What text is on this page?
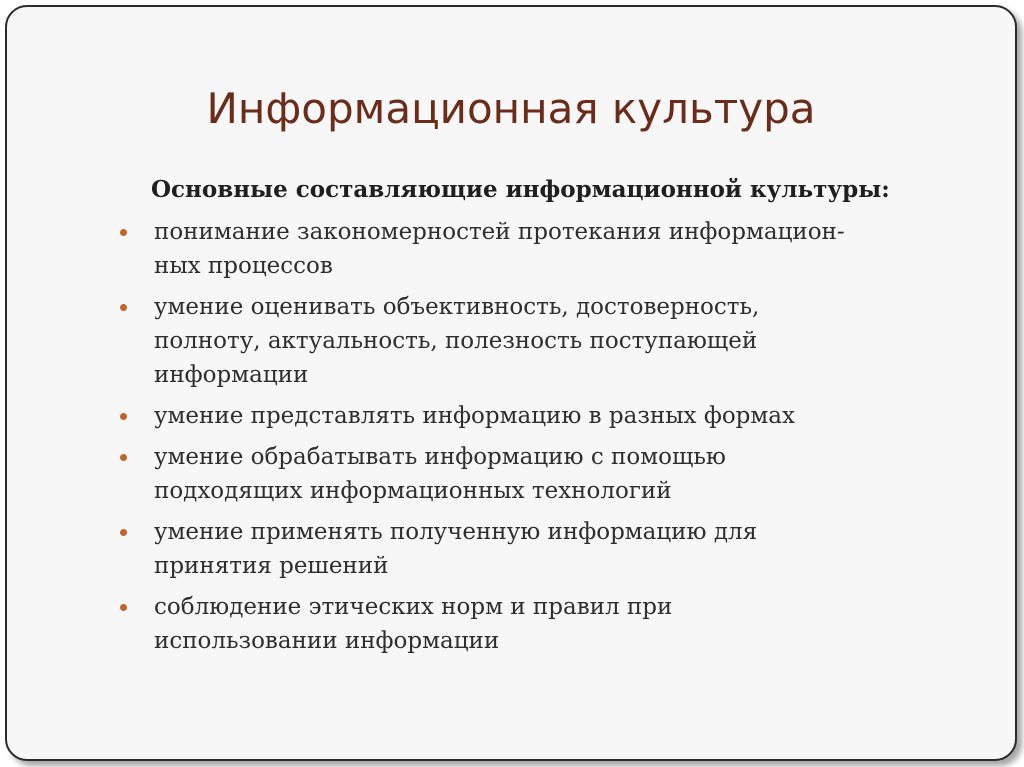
Информационная культура
Основные составляющие информационной культуры:
понимание закономерностей протекания информацион-
ных процессов
умение оценивать объективность, достоверность,
полноту, актуальность, полезность поступающей
информации
умение представлять информацию в разных формах
умение обрабатывать информацию с помощью
подходящих информационных технологий
умение применять полученную информацию для
принятия решений
соблюдение этических норм и правил при
использовании информации
